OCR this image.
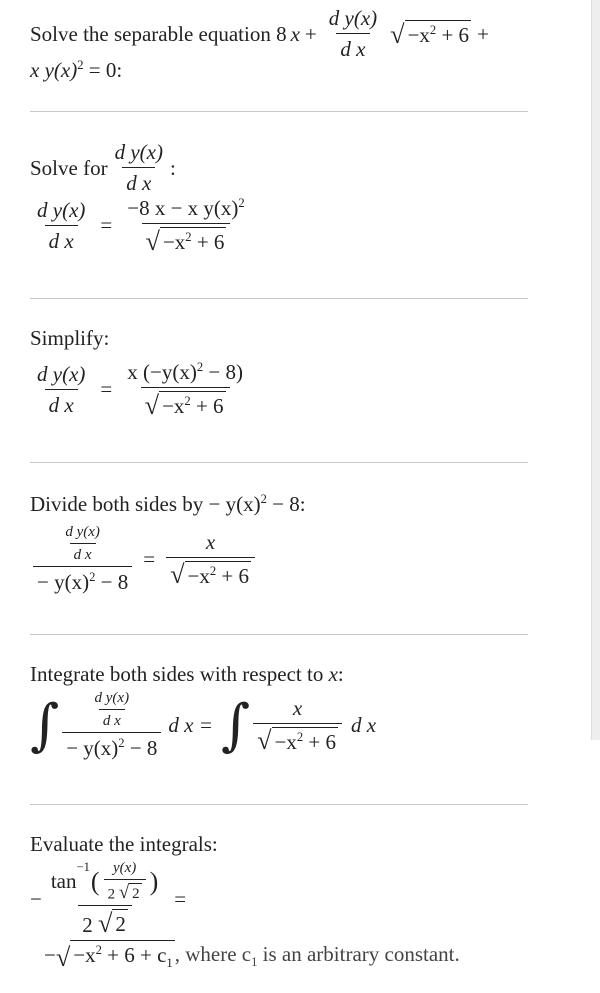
Solve the separable equation 8 $x + \frac{\text{d y(x)}}{\text{d x}}$ √ $-x^2 + 6$ +
x $y(x)^2 = 0$:
Solve for $\frac{\text{d y(x)}}{\text{d x}}$ :
$\frac{\text{d y(x)}}{\text{d x}} = \frac{-8 x - x y(x)^2}{√ -x^2 + 6}$
Simplify:
$\frac{\text{d y(x)}}{\text{d x}} = \frac{x (-y(x)^2 - 8)}{√ -x^2 + 6}$
Divide both sides by − $y(x)^2 - 8$:
$\frac{\frac{\text{d y(x)}}{\text{d x}}}{- y(x)^2 - 8} = \frac{x}{√ -x^2 + 6}$
Integrate both sides with respect to x:
∫ $\frac{\frac{\text{d y(x)}}{\text{d x}}}{- y(x)^2 - 8}$ d x = ∫ $\frac{x}{√ -x^2 + 6}$ d x
Evaluate the integrals:
−
tan
$^{-1}$ ( $\frac{y(x)}{2 √ 2}$ )
2 √ 2
=
− √ $-x^2 + 6 + c_1$ , where $c_1$ is an arbitrary constant.
